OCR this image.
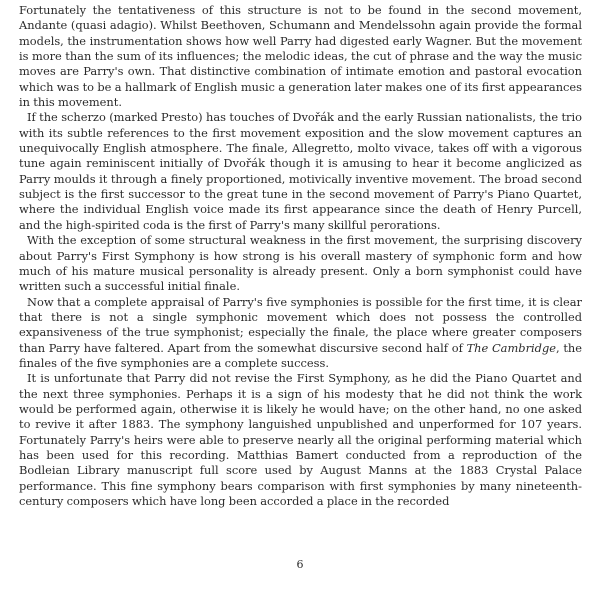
Fortunately the tentativeness of this structure is not to be found in the second movement, Andante (quasi adagio). Whilst Beethoven, Schumann and Mendelssohn again provide the formal models, the instrumentation shows how well Parry had digested early Wagner. But the movement is more than the sum of its influences; the melodic ideas, the cut of phrase and the way the music moves are Parry's own. That distinctive combination of intimate emotion and pastoral evocation which was to be a hallmark of English music a generation later makes one of its first appearances in this movement.

If the scherzo (marked Presto) has touches of Dvořák and the early Russian nationalists, the trio with its subtle references to the first movement exposition and the slow movement captures an unequivocally English atmosphere. The finale, Allegretto, molto vivace, takes off with a vigorous tune again reminiscent initially of Dvořák though it is amusing to hear it become anglicized as Parry moulds it through a finely proportioned, motivically inventive movement. The broad second subject is the first successor to the great tune in the second movement of Parry's Piano Quartet, where the individual English voice made its first appearance since the death of Henry Purcell, and the high-spirited coda is the first of Parry's many skillful perorations.

With the exception of some structural weakness in the first movement, the surprising discovery about Parry's First Symphony is how strong is his overall mastery of symphonic form and how much of his mature musical personality is already present. Only a born symphonist could have written such a successful initial finale.

Now that a complete appraisal of Parry's five symphonies is possible for the first time, it is clear that there is not a single symphonic movement which does not possess the controlled expansiveness of the true symphonist; especially the finale, the place where greater composers than Parry have faltered. Apart from the somewhat discursive second half of The Cambridge, the finales of the five symphonies are a complete success.

It is unfortunate that Parry did not revise the First Symphony, as he did the Piano Quartet and the next three symphonies. Perhaps it is a sign of his modesty that he did not think the work would be performed again, otherwise it is likely he would have; on the other hand, no one asked to revive it after 1883. The symphony languished unpublished and unperformed for 107 years. Fortunately Parry's heirs were able to preserve nearly all the original performing material which has been used for this recording. Matthias Bamert conducted from a reproduction of the Bodleian Library manuscript full score used by August Manns at the 1883 Crystal Palace performance. This fine symphony bears comparison with first symphonies by many nineteenth-century composers which have long been accorded a place in the recorded

6
